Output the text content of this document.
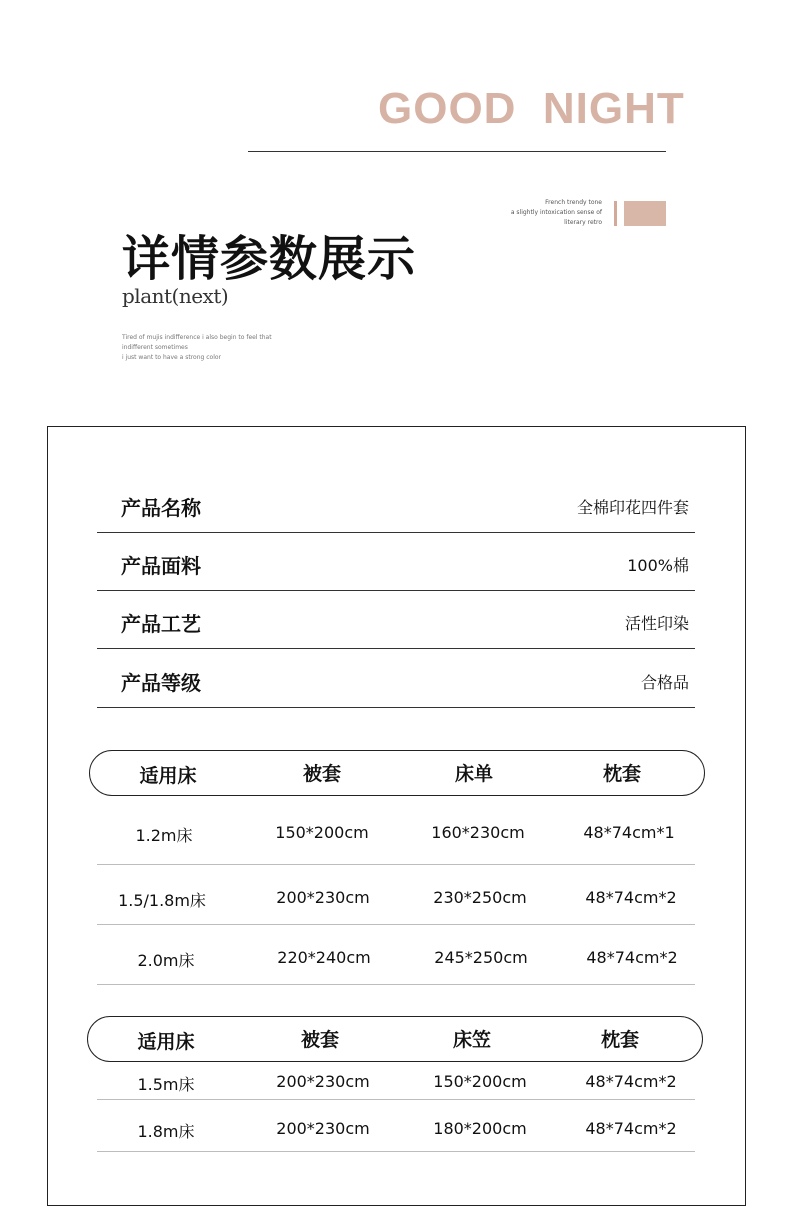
GOOD  NIGHT
French trendy tone
a slightly intoxication sense of
literary retro
详情参数展示
plant(next)
Tired of mujis indifference i also begin to feel that
indifferent sometimes
i just want to have a strong color
产品名称	全棉印花四件套
产品面料	100%棉
产品工艺	活性印染
产品等级	合格品
适用床	被套	床单	枕套
1.2m床	150*200cm	160*230cm	48*74cm*1
1.5/1.8m床	200*230cm	230*250cm	48*74cm*2
2.0m床	220*240cm	245*250cm	48*74cm*2
适用床	被套	床笠	枕套
1.5m床	200*230cm	150*200cm	48*74cm*2
1.8m床	200*230cm	180*200cm	48*74cm*2
